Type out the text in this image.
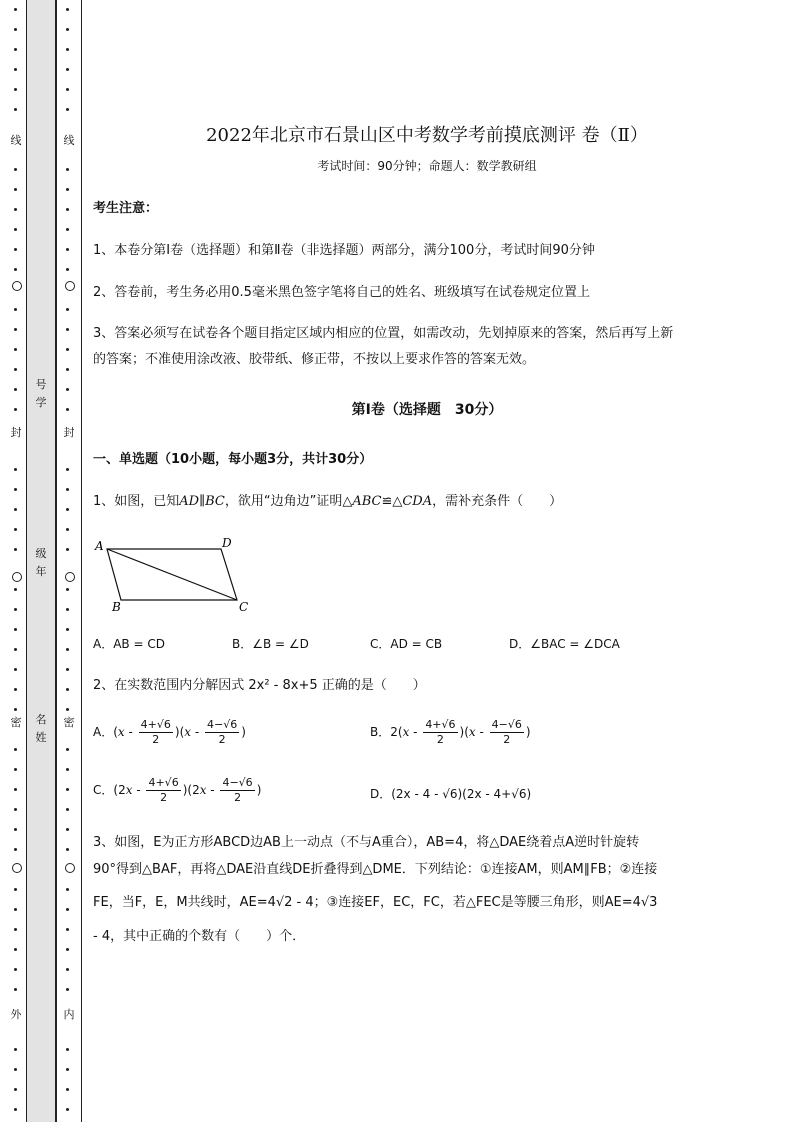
线
封
密
外
线
封
密
内
号
学
级
年
名
姓
2022年北京市石景山区中考数学考前摸底测评 卷（Ⅱ）
考试时间：90分钟；命题人：数学教研组
考生注意：
1、本卷分第Ⅰ卷（选择题）和第Ⅱ卷（非选择题）两部分，满分100分，考试时间90分钟
2、答卷前，考生务必用0.5毫米黑色签字笔将自己的姓名、班级填写在试卷规定位置上
3、答案必须写在试卷各个题目指定区域内相应的位置，如需改动，先划掉原来的答案，然后再写上新
的答案；不准使用涂改液、胶带纸、修正带，不按以上要求作答的答案无效。
第Ⅰ卷（选择题　30分）
一、单选题（10小题，每小题3分，共计30分）
1、如图，已知AD∥BC，欲用“边角边”证明△ABC≌△CDA，需补充条件（　　）
A	D
B	C
A．AB = CD	B．∠B = ∠D	C．AD = CB	D．∠BAC = ∠DCA
2、在实数范围内分解因式 2x² - 8x+5 正确的是（　　）
A．$(x - \frac{4+√6}{2} )(x - \frac{4-√6}{2}$ )	B．$2(x - \frac{4+√6}{2} )(x - \frac{4-√6}{2}$ )
C．$(2x - \frac{4+√6}{2} )(2x - \frac{4-√6}{2}$ )	D．(2x - 4 - √6)(2x - 4+√6)
3、如图，E为正方形ABCD边AB上一动点（不与A重合），AB=4，将△DAE绕着点A逆时针旋转
90°得到△BAF，再将△DAE沿直线DE折叠得到△DME．下列结论：①连接AM，则AM∥FB；②连接
FE，当F，E，M共线时，AE=4√2 - 4；③连接EF，EC，FC，若△FEC是等腰三角形，则AE=4√3
- 4，其中正确的个数有（　　）个．
